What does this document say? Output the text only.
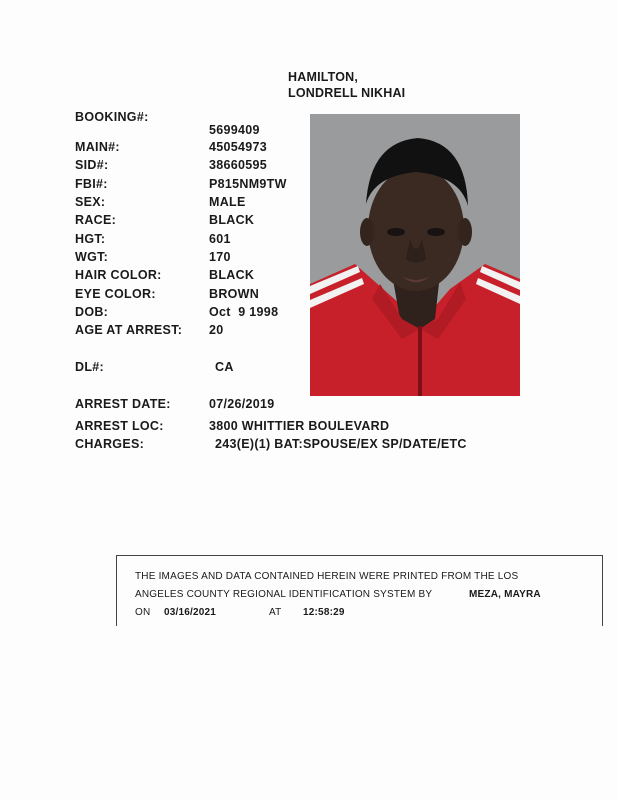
HAMILTON,
LONDRELL NIKHAI
BOOKING#:
5699409
MAIN#:	45054973
SID#:	38660595
FBI#:	P815NM9TW
SEX:	MALE
RACE:	BLACK
HGT:	601
WGT:	170
HAIR COLOR:	BLACK
EYE COLOR:	BROWN
DOB:	Oct  9 1998
AGE AT ARREST: 20
DL#:	CA
ARREST DATE:	07/26/2019
ARREST LOC:	3800 WHITTIER BOULEVARD
CHARGES:	243(E)(1) BAT:SPOUSE/EX SP/DATE/ETC
THE IMAGES AND DATA CONTAINED HEREIN WERE PRINTED FROM THE LOS
ANGELES COUNTY REGIONAL IDENTIFICATION SYSTEM BY	MEZA, MAYRA
ON 03/16/2021	AT 12:58:29
